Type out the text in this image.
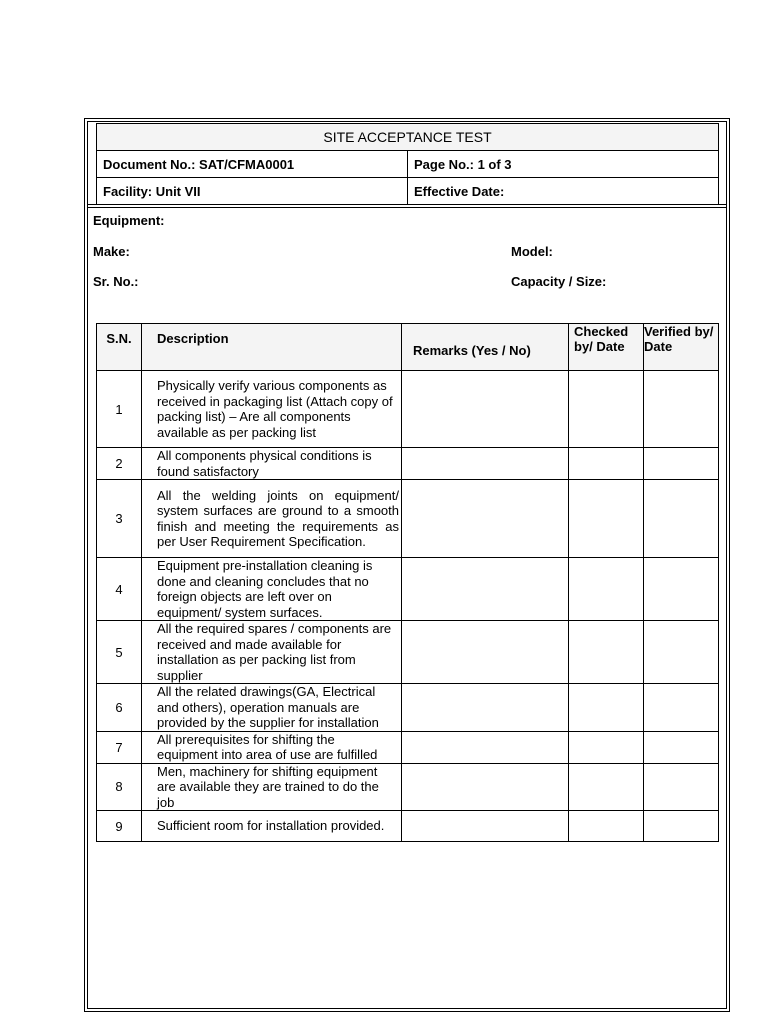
SITE ACCEPTANCE TEST	
Document No.: SAT/CFMA0001	Page No.: 1 of 3
Facility: Unit VII	Effective Date:
Equipment:
Make:	Model:
Sr. No.:	Capacity / Size:
S.N.	Description	Remarks (Yes / No)	Checked by/ Date	Verified by/ Date
1	Physically verify various components as received in packaging list (Attach copy of packing list) – Are all components available as per packing list			
2	All components physical conditions is found satisfactory			
3	All the welding joints on equipment/ system surfaces are ground to a smooth finish and meeting the requirements as per User Requirement Specification.			
4	Equipment pre-installation cleaning is done and cleaning concludes that no foreign objects are left over on equipment/ system surfaces.			
5	All the required spares / components are received and made available for installation as per packing list from supplier			
6	All the related drawings(GA, Electrical and others), operation manuals are provided by the supplier for installation			
7	All prerequisites for shifting the equipment into area of use are fulfilled			
8	Men, machinery for shifting equipment are available they are trained to do the job			
9	Sufficient room for installation provided.			
